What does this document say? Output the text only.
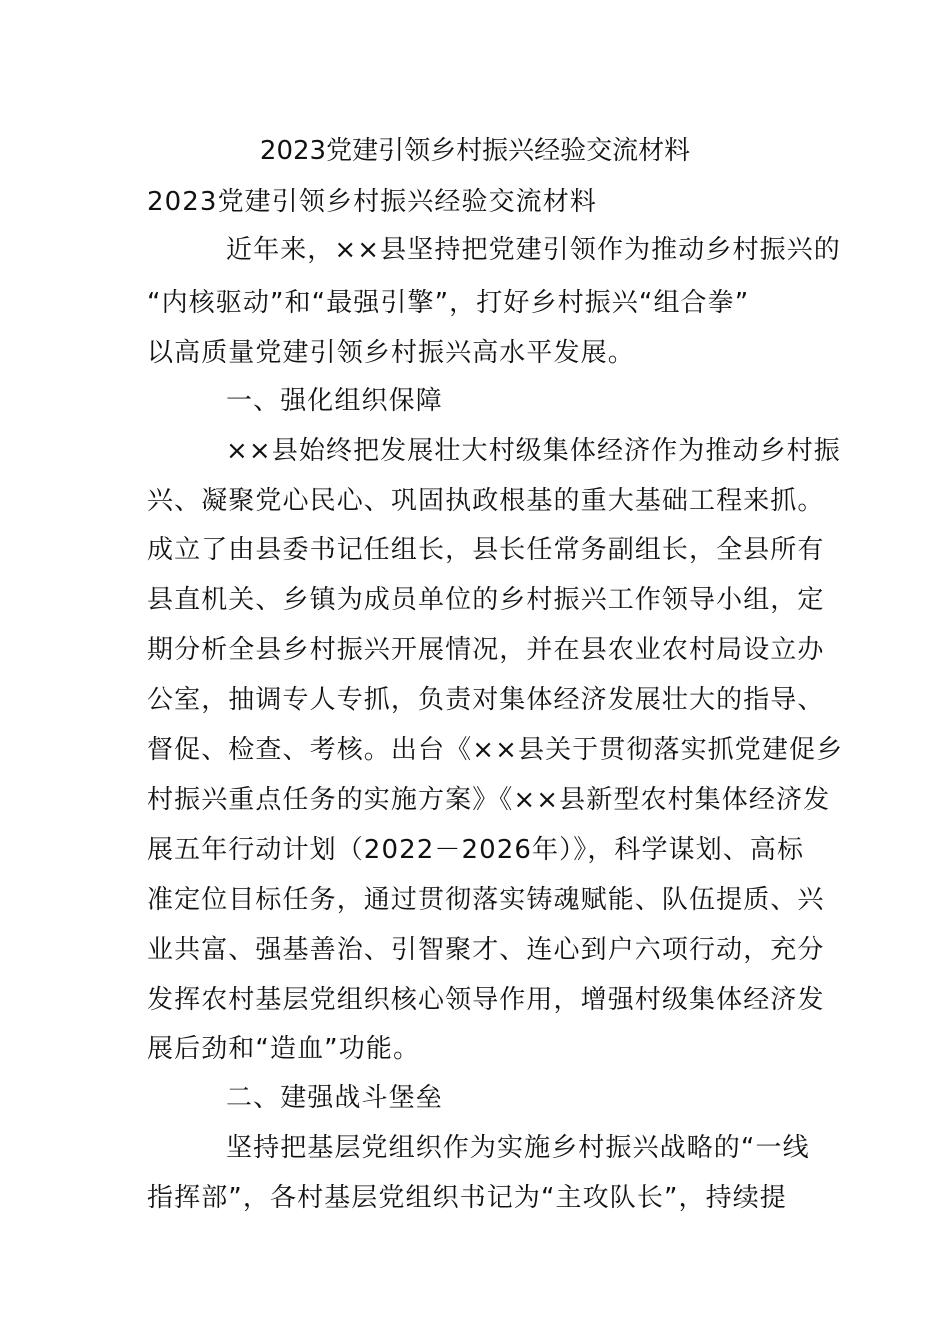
2023党建引领乡村振兴经验交流材料
2023党建引领乡村振兴经验交流材料
近年来，××县坚持把党建引领作为推动乡村振兴的
“内核驱动”和“最强引擎”，打好乡村振兴“组合拳”
以高质量党建引领乡村振兴高水平发展。
一、强化组织保障
××县始终把发展壮大村级集体经济作为推动乡村振
兴、凝聚党心民心、巩固执政根基的重大基础工程来抓。
成立了由县委书记任组长，县长任常务副组长，全县所有
县直机关、乡镇为成员单位的乡村振兴工作领导小组，定
期分析全县乡村振兴开展情况，并在县农业农村局设立办
公室，抽调专人专抓，负责对集体经济发展壮大的指导、
督促、检查、考核。出台《××县关于贯彻落实抓党建促乡
村振兴重点任务的实施方案》《××县新型农村集体经济发
展五年行动计划（2022－2026年）》，科学谋划、高标
准定位目标任务，通过贯彻落实铸魂赋能、队伍提质、兴
业共富、强基善治、引智聚才、连心到户六项行动，充分
发挥农村基层党组织核心领导作用，增强村级集体经济发
展后劲和“造血”功能。
二、建强战斗堡垒
坚持把基层党组织作为实施乡村振兴战略的“一线
指挥部”，各村基层党组织书记为“主攻队长”，持续提
